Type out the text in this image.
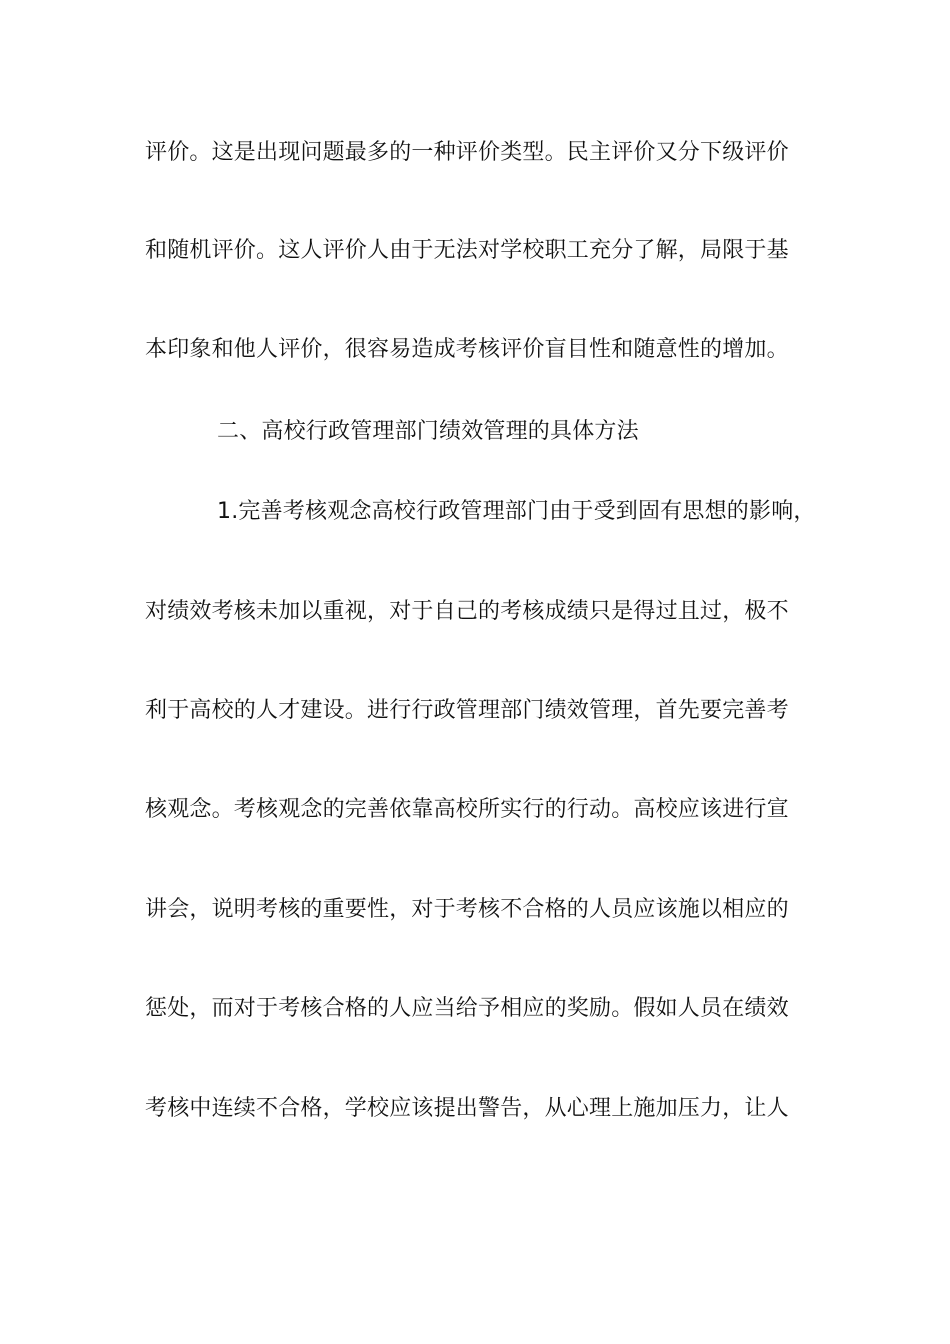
评价。这是出现问题最多的一种评价类型。民主评价又分下级评价
和随机评价。这人评价人由于无法对学校职工充分了解，局限于基
本印象和他人评价，很容易造成考核评价盲目性和随意性的增加。
二、高校行政管理部门绩效管理的具体方法
1.完善考核观念高校行政管理部门由于受到固有思想的影响，
对绩效考核未加以重视，对于自己的考核成绩只是得过且过，极不
利于高校的人才建设。进行行政管理部门绩效管理，首先要完善考
核观念。考核观念的完善依靠高校所实行的行动。高校应该进行宣
讲会，说明考核的重要性，对于考核不合格的人员应该施以相应的
惩处，而对于考核合格的人应当给予相应的奖励。假如人员在绩效
考核中连续不合格，学校应该提出警告，从心理上施加压力，让人
